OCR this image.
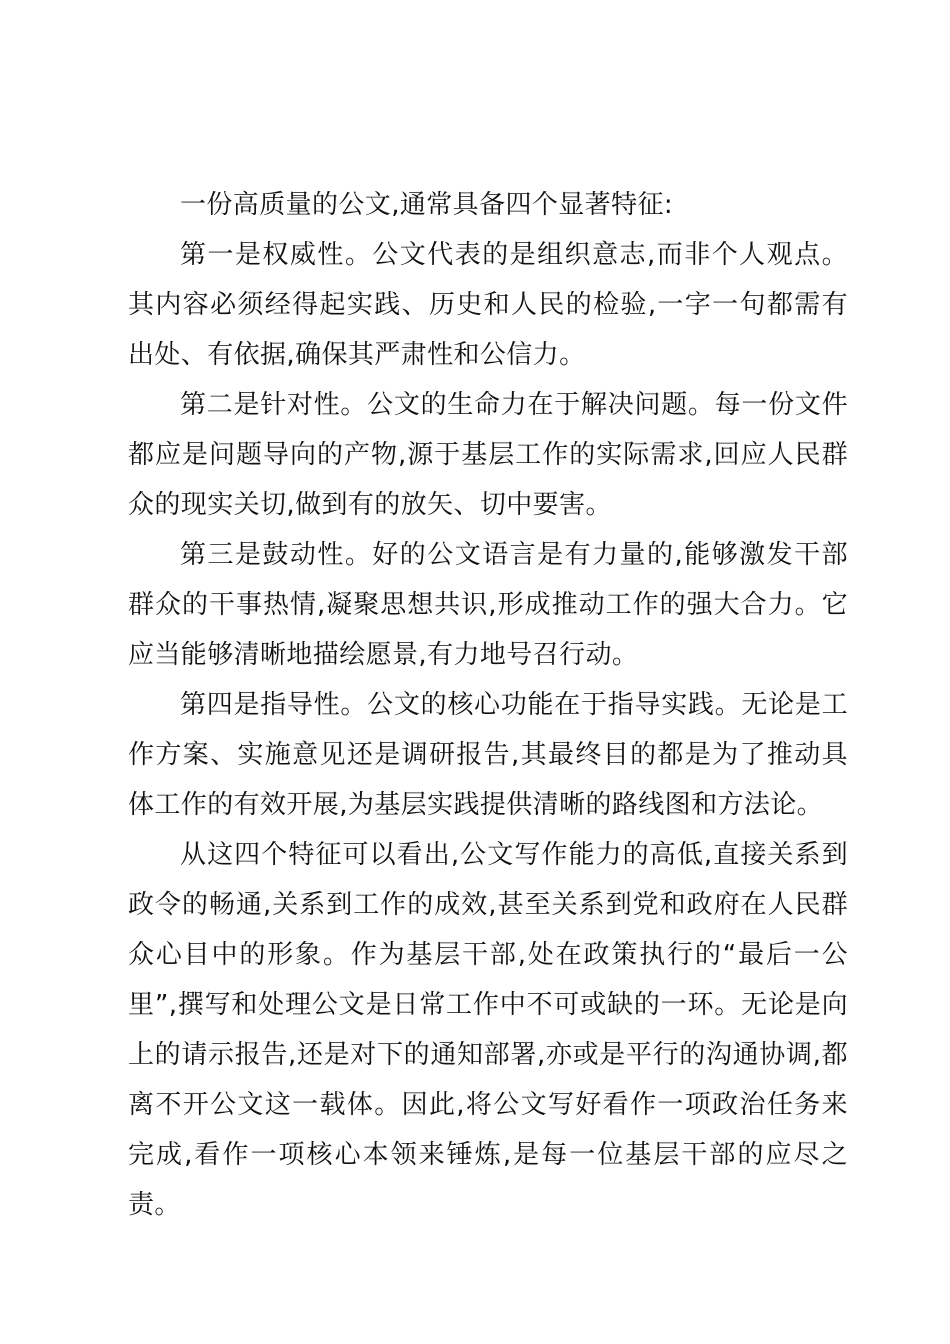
一份高质量的公文,通常具备四个显著特征:

第一是权威性。公文代表的是组织意志,而非个人观点。其内容必须经得起实践、历史和人民的检验,一字一句都需有出处、有依据,确保其严肃性和公信力。

第二是针对性。公文的生命力在于解决问题。每一份文件都应是问题导向的产物,源于基层工作的实际需求,回应人民群众的现实关切,做到有的放矢、切中要害。

第三是鼓动性。好的公文语言是有力量的,能够激发干部群众的干事热情,凝聚思想共识,形成推动工作的强大合力。它应当能够清晰地描绘愿景,有力地号召行动。

第四是指导性。公文的核心功能在于指导实践。无论是工作方案、实施意见还是调研报告,其最终目的都是为了推动具体工作的有效开展,为基层实践提供清晰的路线图和方法论。

从这四个特征可以看出,公文写作能力的高低,直接关系到政令的畅通,关系到工作的成效,甚至关系到党和政府在人民群众心目中的形象。作为基层干部,处在政策执行的“最后一公里”,撰写和处理公文是日常工作中不可或缺的一环。无论是向上的请示报告,还是对下的通知部署,亦或是平行的沟通协调,都离不开公文这一载体。因此,将公文写好看作一项政治任务来完成,看作一项核心本领来锤炼,是每一位基层干部的应尽之责。
